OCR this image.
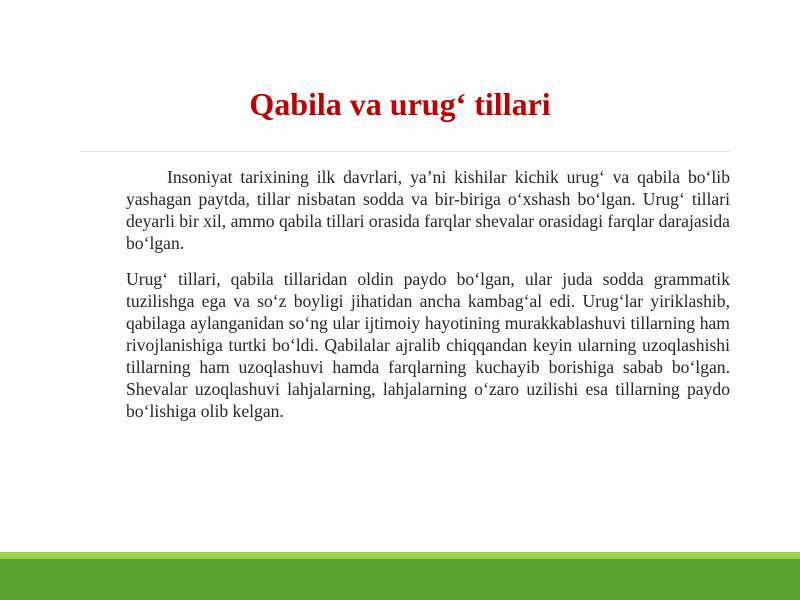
Qabila va urug‘ tillari

Insoniyat tarixining ilk davrlari, ya’ni kishilar kichik urug‘ va qabila bo‘lib yashagan paytda, tillar nisbatan sodda va bir-biriga o‘xshash bo‘lgan. Urug‘ tillari deyarli bir xil, ammo qabila tillari orasida farqlar shevalar orasidagi farqlar darajasida bo‘lgan.

Urug‘ tillari, qabila tillaridan oldin paydo bo‘lgan, ular juda sodda grammatik tuzilishga ega va so‘z boyligi jihatidan ancha kambag‘al edi. Urug‘lar yiriklashib, qabilaga aylanganidan so‘ng ular ijtimoiy hayotining murakkablashuvi tillarning ham rivojlanishiga turtki bo‘ldi. Qabilalar ajralib chiqqandan keyin ularning uzoqlashishi tillarning ham uzoqlashuvi hamda farqlarning kuchayib borishiga sabab bo‘lgan. Shevalar uzoqlashuvi lahjalarning, lahjalarning o‘zaro uzilishi esa tillarning paydo bo‘lishiga olib kelgan.
